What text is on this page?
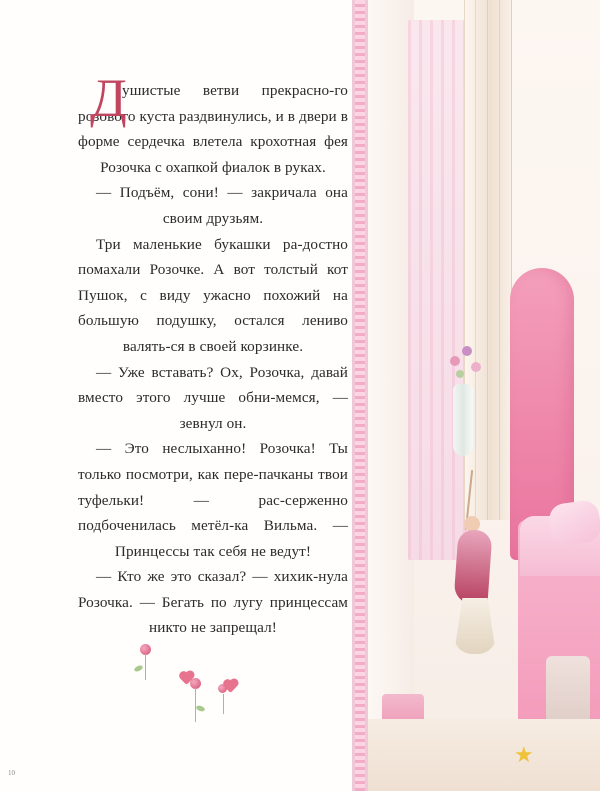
Д
ушистые ветви прекрасно‑го розового куста раздвинулись, и в двери в форме сердечка влетела крохотная фея Розочка с охапкой фиалок в руках.

— Подъём, сони! — закричала она своим друзьям.

Три маленькие букашки ра‑достно помахали Розочке. А вот толстый кот Пушок, с виду ужасно похожий на большую подушку, остался лениво валять‑ся в своей корзинке.

— Уже вставать? Ох, Розочка, давай вместо этого лучше обни‑мемся, — зевнул он.

— Это неслыханно! Розочка! Ты только посмотри, как пере‑пачканы твои туфельки! — рас‑серженно подбоченилась метёл‑ка Вильма. — Принцессы так себя не ведут!

— Кто же это сказал? — хихик‑нула Розочка. — Бегать по лугу принцессам никто не запрещал!

10
